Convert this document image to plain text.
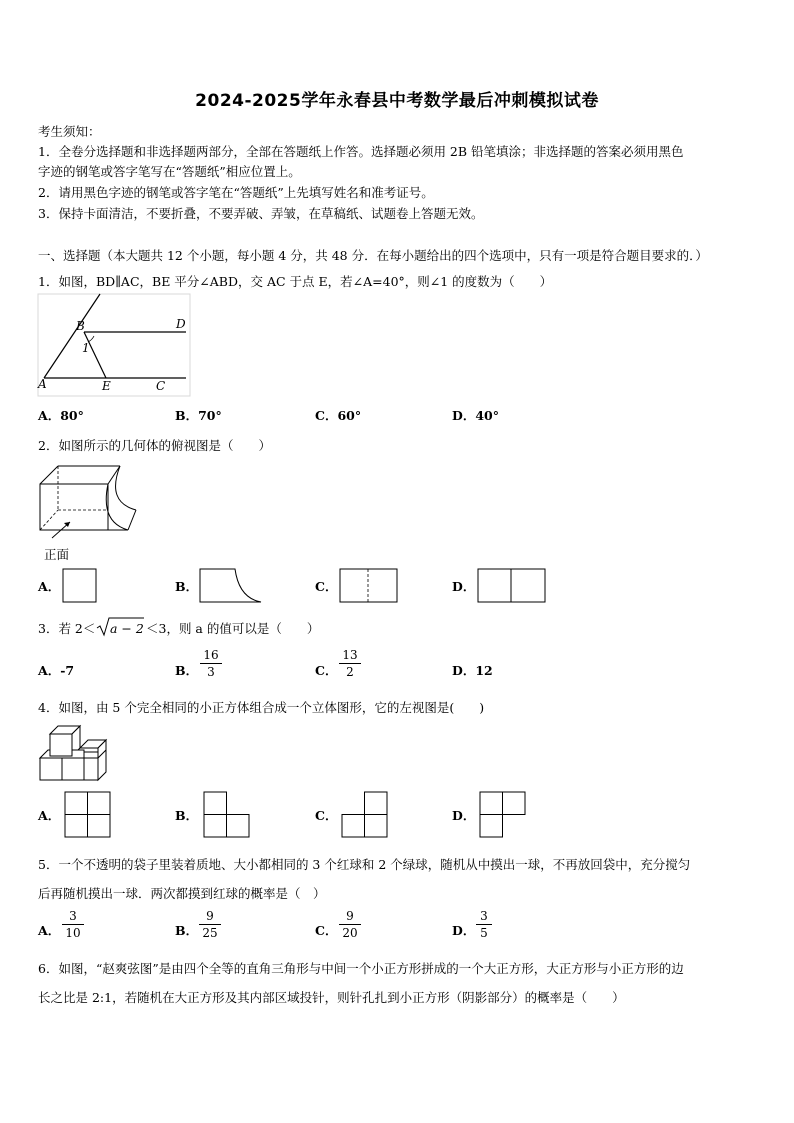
2024-2025学年永春县中考数学最后冲刺模拟试卷
考生须知：
1．全卷分选择题和非选择题两部分，全部在答题纸上作答。选择题必须用 2B 铅笔填涂；非选择题的答案必须用黑色
字迹的钢笔或答字笔写在“答题纸”相应位置上。
2．请用黑色字迹的钢笔或答字笔在“答题纸”上先填写姓名和准考证号。
3．保持卡面清洁，不要折叠，不要弄破、弄皱，在草稿纸、试题卷上答题无效。
一、选择题（本大题共 12 个小题，每小题 4 分，共 48 分．在每小题给出的四个选项中，只有一项是符合题目要求的．）
1．如图，BD∥AC，BE 平分∠ABD，交 AC 于点 E，若∠A=40°，则∠1 的度数为（　　）
B	D
1
A	E	C
A．80°	B．70°	C．60°	D．40°
2．如图所示的几何体的俯视图是（　　）
正面
A．	B．	C．	D．
3．若 2＜ a − 2 ＜3，则 a 的值可以是（　　）
A．-7	B．
16
3	C．
13
2	D．12
4．如图，由 5 个完全相同的小正方体组合成一个立体图形，它的左视图是(　　)
A．	B．	C．	D．
5．一个不透明的袋子里装着质地、大小都相同的 3 个红球和 2 个绿球，随机从中摸出一球，不再放回袋中，充分搅匀
后再随机摸出一球．两次都摸到红球的概率是（　）
A．
3
10	B．
9
25	C．
9
20	D．
3
5
6．如图，“赵爽弦图”是由四个全等的直角三角形与中间一个小正方形拼成的一个大正方形，大正方形与小正方形的边
长之比是 2:1，若随机在大正方形及其内部区域投针，则针孔扎到小正方形（阴影部分）的概率是（　　）
